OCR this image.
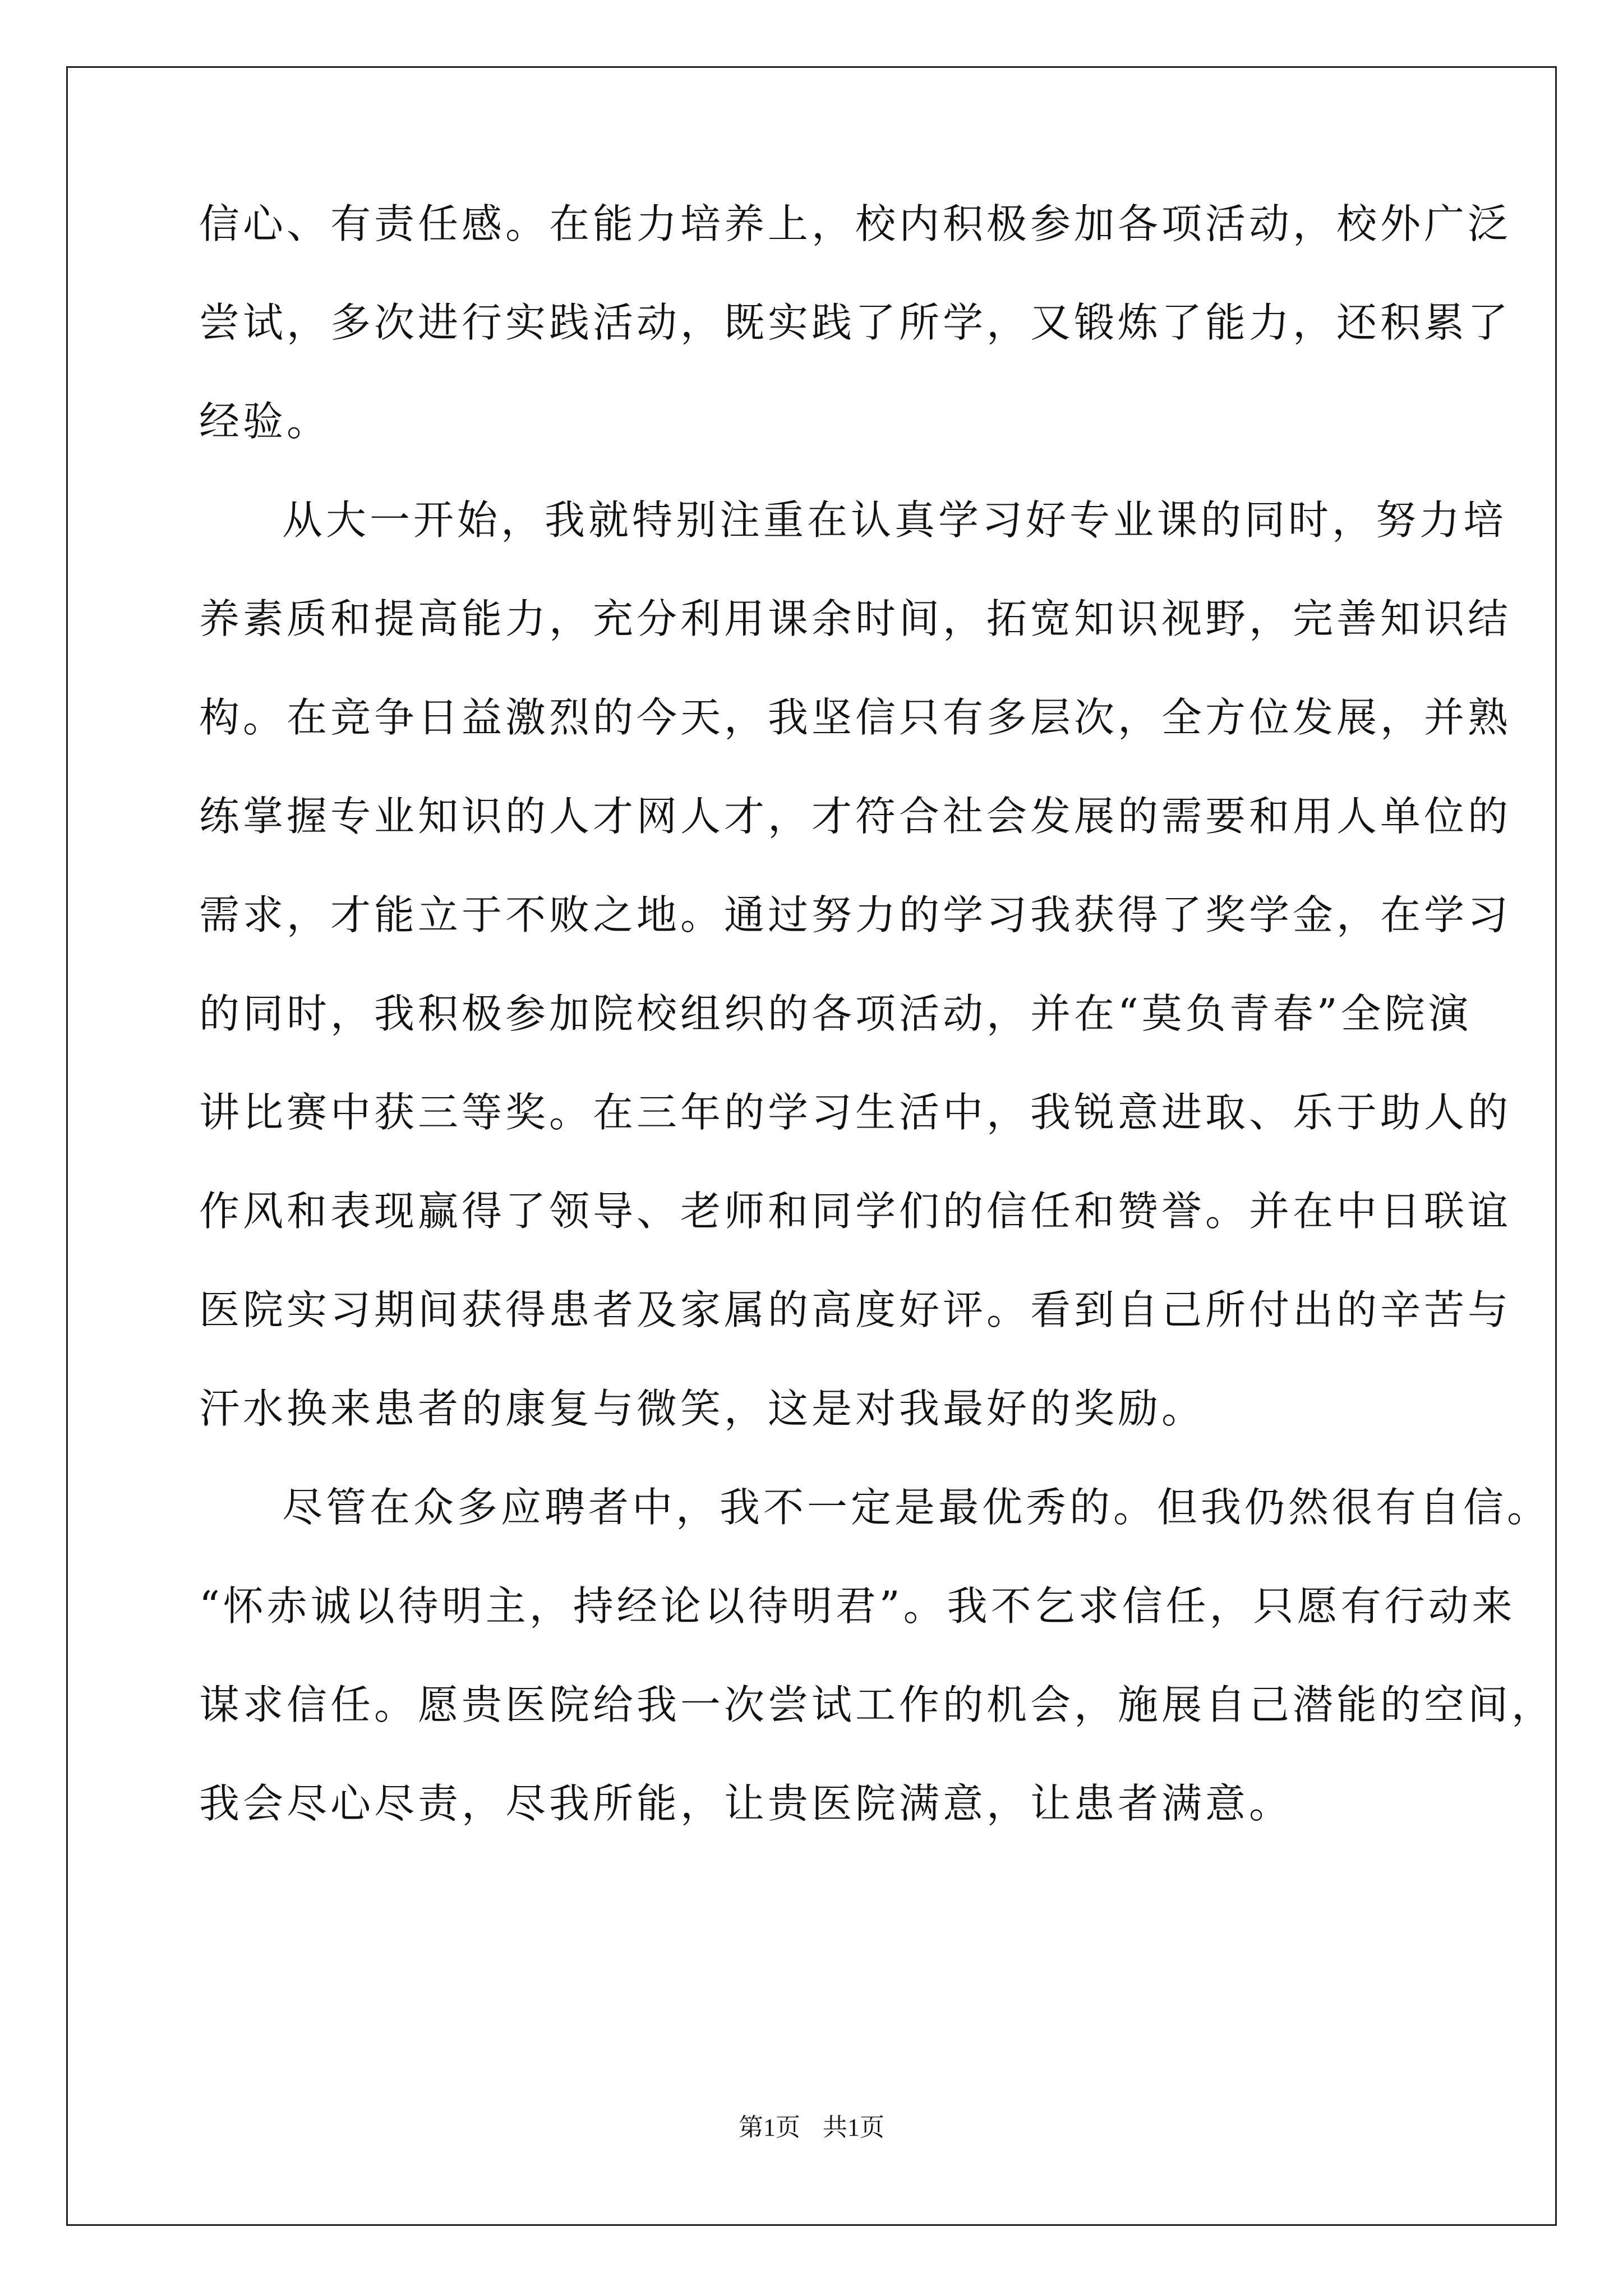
信心、有责任感。在能力培养上，校内积极参加各项活动，校外广泛
尝试，多次进行实践活动，既实践了所学，又锻炼了能力，还积累了
经验。
从大一开始，我就特别注重在认真学习好专业课的同时，努力培
养素质和提高能力，充分利用课余时间，拓宽知识视野，完善知识结
构。在竞争日益激烈的今天，我坚信只有多层次，全方位发展，并熟
练掌握专业知识的人才网人才，才符合社会发展的需要和用人单位的
需求，才能立于不败之地。通过努力的学习我获得了奖学金，在学习
的同时，我积极参加院校组织的各项活动，并在“莫负青春”全院演
讲比赛中获三等奖。在三年的学习生活中，我锐意进取、乐于助人的
作风和表现赢得了领导、老师和同学们的信任和赞誉。并在中日联谊
医院实习期间获得患者及家属的高度好评。看到自己所付出的辛苦与
汗水换来患者的康复与微笑，这是对我最好的奖励。
尽管在众多应聘者中，我不一定是最优秀的。但我仍然很有自信。
“怀赤诚以待明主，持经论以待明君”。我不乞求信任，只愿有行动来
谋求信任。愿贵医院给我一次尝试工作的机会，施展自己潜能的空间，
我会尽心尽责，尽我所能，让贵医院满意，让患者满意。
第1页 共1页
